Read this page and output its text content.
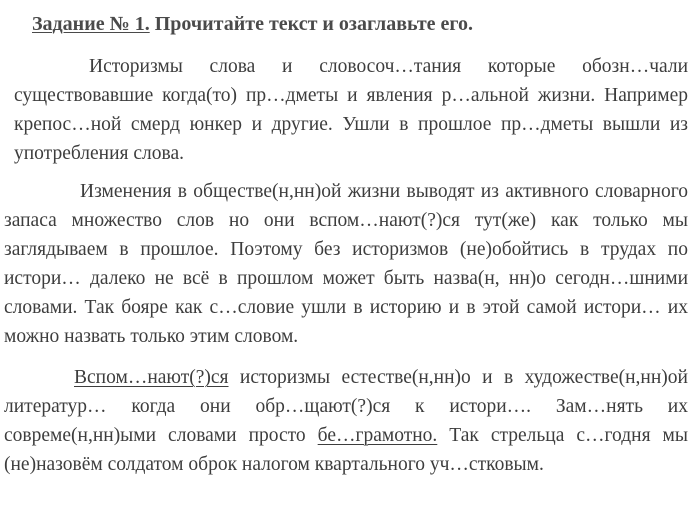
Задание № 1. Прочитайте текст и озаглавьте его.

Историзмы слова и словосоч…тания которые обозн…чали существовавшие когда(то) пр…дметы и явления р…альной жизни. Например крепос…ной смерд юнкер и другие. Ушли в прошлое пр…дметы вышли из употребления слова.

Изменения в обществе(н,нн)ой жизни выводят из активного словарного запаса множество слов но они вспом…нают(?)ся тут(же) как только мы заглядываем в прошлое. Поэтому без историзмов (не)обойтись в трудах по истори… далеко не всё в прошлом может быть назва(н, нн)о сегодн…шними словами. Так бояре как с…словие ушли в историю и в этой самой истори… их можно назвать только этим словом.

Вспом…нают(?)ся историзмы естестве(н,нн)о и в художестве(н,нн)ой литератур… когда они обр…щают(?)ся к истори…. Зам…нять их совреме(н,нн)ыми словами просто бе…грамотно. Так стрельца с…годня мы (не)назовём солдатом оброк налогом квартального уч…стковым.
